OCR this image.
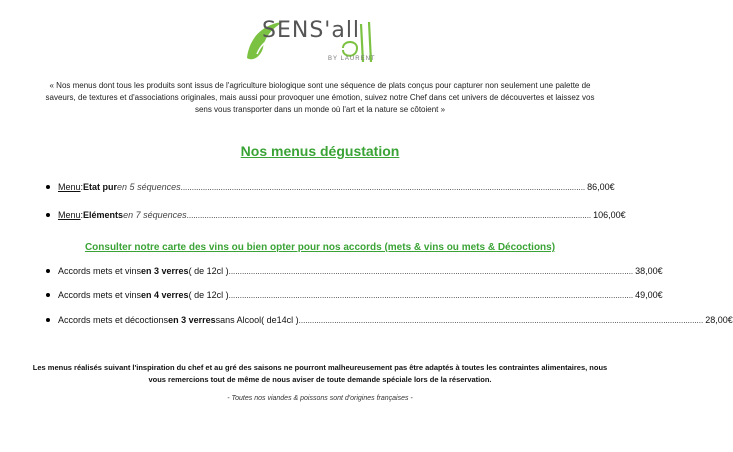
SENS'all
BY LAURENT
« Nos menus dont tous les produits sont issus de l'agriculture biologique sont une séquence de plats conçus pour capturer non seulement une palette de saveurs, de textures et d'associations originales, mais aussi pour provoquer une émotion, suivez notre Chef dans cet univers de découvertes et laissez vos sens vous transporter dans un monde où l'art et la nature se côtoient »
Nos menus dégustation
Menu : Etat pur en 5 séquences ...................................................................................................................................................................................... 86,00€
Menu : Eléments en 7 séquences ...................................................................................................................................................................................... 106,00€
Consulter notre carte des vins ou bien opter pour nos accords (mets & vins ou mets & Décoctions)
Accords mets et vins en 3 verres ( de 12cl ) ...................................................................................................................................................................................... 38,00€
Accords mets et vins en 4 verres ( de 12cl ) ...................................................................................................................................................................................... 49,00€
Accords mets et décoctions en 3 verres sans Alcool ( de14cl ) ...................................................................................................................................................................................... 28,00€
Les menus réalisés suivant l'inspiration du chef et au gré des saisons ne pourront malheureusement pas être adaptés à toutes les contraintes alimentaires, nous vous remercions tout de même de nous aviser de toute demande spéciale lors de la réservation.
- Toutes nos viandes & poissons sont d'origines françaises -
